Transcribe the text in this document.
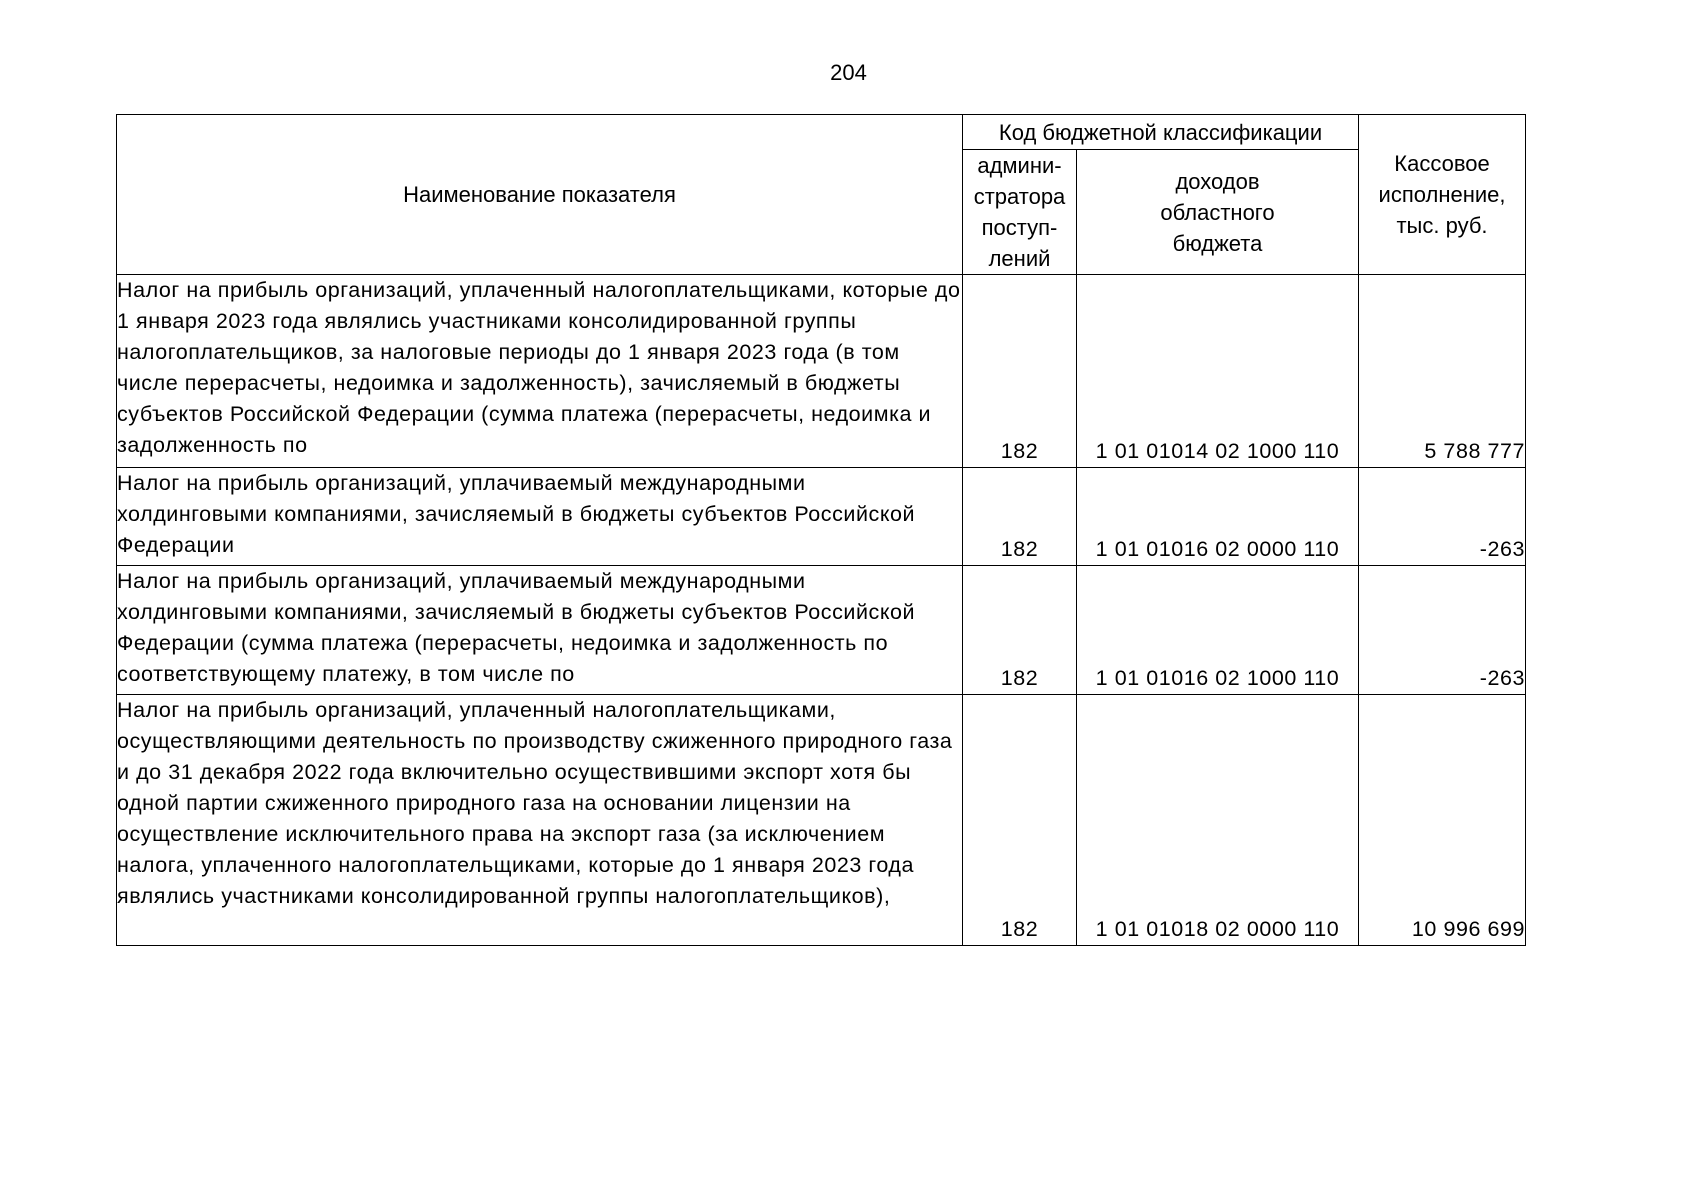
204
Наименование показателя	Код бюджетной классификации		Кассовое
исполнение,
тыс. руб.
	админи-
стратора
поступ-
лений	доходов
областного
бюджета	
Налог на прибыль организаций, уплаченный налогоплательщиками, которые до 1 января 2023 года являлись участниками консолидированной группы налогоплательщиков, за налоговые периоды до 1 января 2023 года (в том числе перерасчеты, недоимка и задолженность), зачисляемый в бюджеты субъектов Российской Федерации (сумма платежа (перерасчеты, недоимка и задолженность по	182	1 01 01014 02 1000 110	5 788 777
Налог на прибыль организаций, уплачиваемый международными холдинговыми компаниями, зачисляемый в бюджеты субъектов Российской Федерации	182	1 01 01016 02 0000 110	-263
Налог на прибыль организаций, уплачиваемый международными холдинговыми компаниями, зачисляемый в бюджеты субъектов Российской Федерации (сумма платежа (перерасчеты, недоимка и задолженность по соответствующему платежу, в том числе по	182	1 01 01016 02 1000 110	-263
Налог на прибыль организаций, уплаченный налогоплательщиками, осуществляющими деятельность по производству сжиженного природного газа и до 31 декабря 2022 года включительно осуществившими экспорт хотя бы одной партии сжиженного природного газа на основании лицензии на осуществление исключительного права на экспорт газа (за исключением налога, уплаченного налогоплательщиками, которые до 1 января 2023 года являлись участниками консолидированной группы налогоплательщиков),	182	1 01 01018 02 0000 110	10 996 699
